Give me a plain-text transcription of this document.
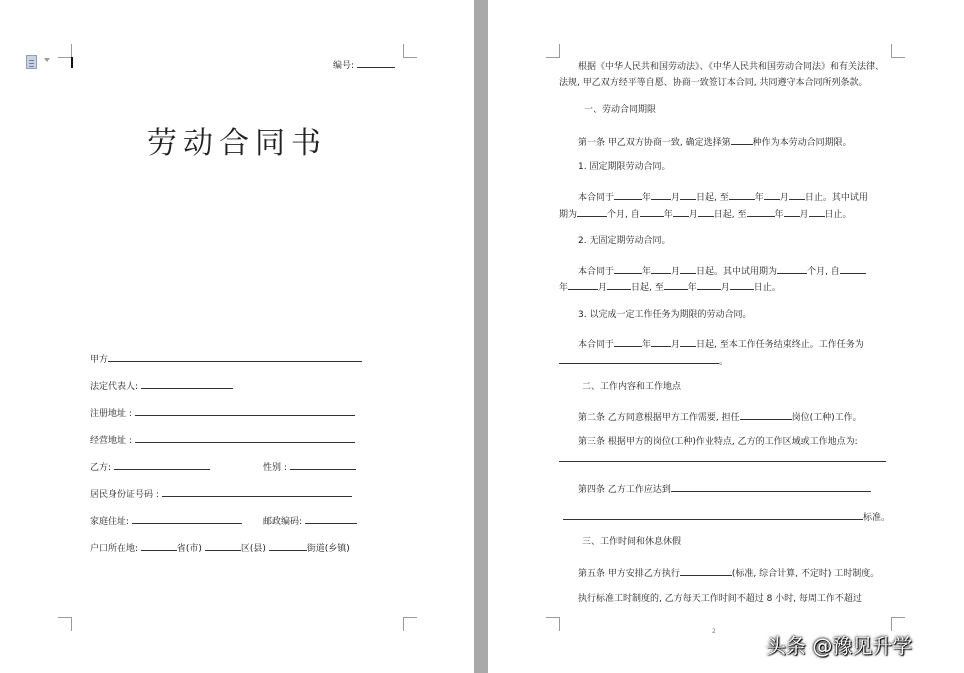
编号:
劳动合同书
甲方
法定代表人:
注册地址 :
经营地址 :
乙方:	性别 :
居民身份证号码 :
家庭住址:	邮政编码:
户口所在地:	省(市)	区(县)	街道(乡镇)
根据《中华人民共和国劳动法》、《中华人民共和国劳动合同法》和有关法律、
法规, 甲乙双方经平等自愿、协商一致签订本合同, 共同遵守本合同所列条款。
一、劳动合同期限
第一条 甲乙双方协商一致, 确定选择第 种作为本劳动合同期限。
1. 固定期限劳动合同。
本合同于	年 月 日起, 至	年 月 日止。其中试用
期为	个月, 自	年 月 日起, 至	年 月 日止。
2. 无固定期劳动合同。
本合同于	年 月 日起。其中试用期为	个月, 自
年	月	日起, 至	年	月	日止。
3. 以完成一定工作任务为期限的劳动合同。
本合同于	年 月 日起, 至本工作任务结束终止。工作任务为
。
二、工作内容和工作地点
第二条 乙方同意根据甲方工作需要, 担任	岗位(工种)工作。
第三条 根据甲方的岗位(工种)作业特点, 乙方的工作区域或工作地点为:
第四条 乙方工作应达到
标准。
三、工作时间和休息休假
第五条 甲方安排乙方执行	(标准, 综合计算, 不定时) 工时制度。
执行标准工时制度的, 乙方每天工作时间不超过 8 小时, 每周工作不超过
2
头条 @豫见升学
